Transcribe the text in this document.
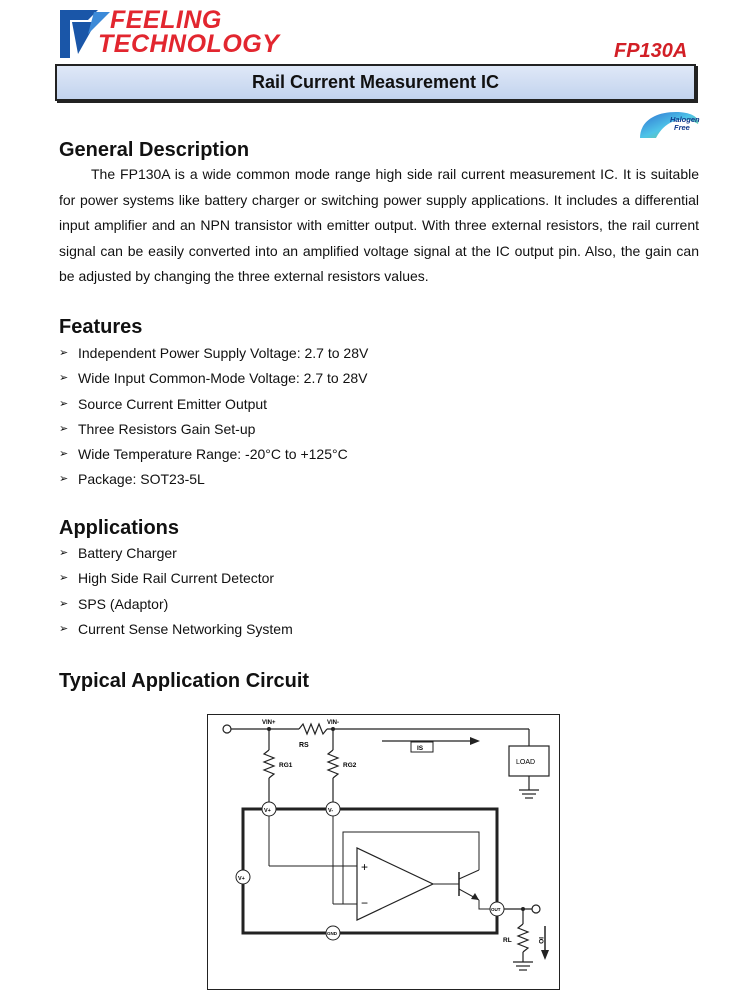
FEELING
TECHNOLOGY	FP130A
Rail Current Measurement IC
Halogen
Free
General Description

The FP130A is a wide common mode range high side rail current measurement IC. It is suitable for power systems like battery charger or switching power supply applications. It includes a differential input amplifier and an NPN transistor with emitter output. With three external resistors, the rail current signal can be easily converted into an amplified voltage signal at the IC output pin. Also, the gain can be adjusted by changing the three external resistors values.

Features
➢ Independent Power Supply Voltage: 2.7 to 28V
➢ Wide Input Common-Mode Voltage: 2.7 to 28V
➢ Source Current Emitter Output
➢ Three Resistors Gain Set-up
➢ Wide Temperature Range: -20°C to +125°C
➢ Package: SOT23-5L
Applications
➢ Battery Charger
➢ High Side Rail Current Detector
➢ SPS (Adaptor)
➢ Current Sense Networking System
Typical Application Circuit
VIN+	VIN-
RS	IS
LOAD
RG1	RG2
V+	V-
V+
GND
OUT
+
−
RL	IO
